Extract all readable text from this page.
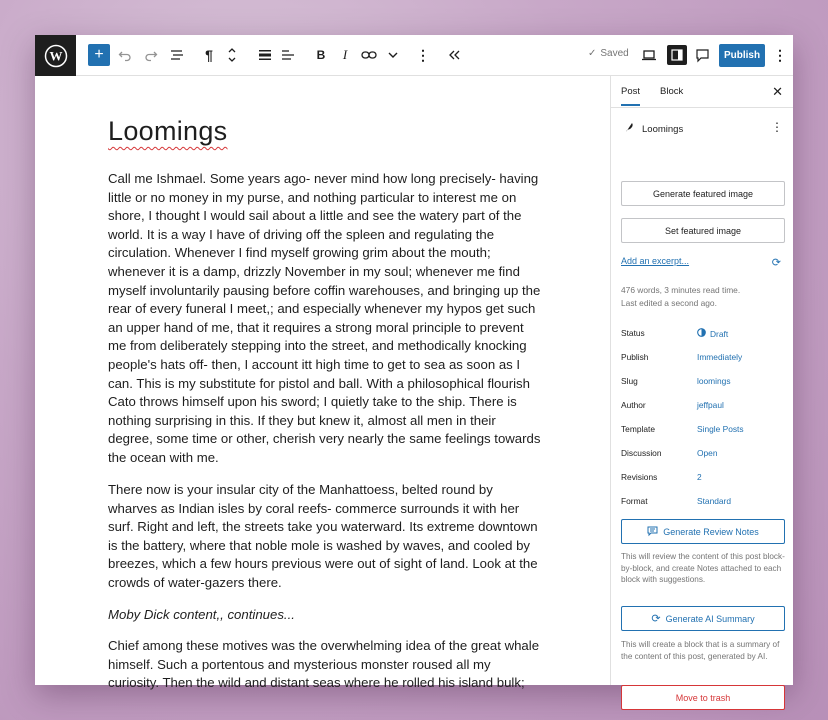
W	+	¶	B	I	⋮	✓ Saved	Publish ⋮
Loomings
Call me Ishmael. Some years ago- never mind how long precisely- having little or no money in my purse, and nothing particular to interest me on shore, I thought I would sail about a little and see the watery part of the world. It is a way I have of driving off the spleen and regulating the circulation. Whenever I find myself growing grim about the mouth; whenever it is a damp, drizzly November in my soul; whenever me find myself involuntarily pausing before coffin warehouses, and bringing up the rear of every funeral I meet,; and especially whenever my hypos get such an upper hand of me, that it requires a strong moral principle to prevent me from deliberately stepping into the street, and methodically knocking people's hats off- then, I account itt high time to get to sea as soon as I can. This is my substitute for pistol and ball. With a philosophical flourish Cato throws himself upon his sword; I quietly take to the ship. There is nothing surprising in this. If they but knew it, almost all men in their degree, some time or other, cherish very nearly the same feelings towards the ocean with me.
There now is your insular city of the Manhattoess, belted round by wharves as Indian isles by coral reefs- commerce surrounds it with her surf. Right and left, the streets take you waterward. Its extreme downtown is the battery, where that noble mole is washed by waves, and cooled by breezes, which a few hours previous were out of sight of land. Look at the crowds of water-gazers there.
Moby Dick content,, continues...
Chief among these motives was the overwhelming idea of the great whale himself. Such a portentous and mysterious monster roused all my curiosity. Then the wild and distant seas where he rolled his island bulk;
Post Block	✕
Loomings	⋮
Generate featured image
Set featured image
Add an excerpt...	⟳
476 words, 3 minutes read time.
Last edited a second ago.
Status	Draft
Publish	Immediately
Slug	loomings
Author	jeffpaul
Template	Single Posts
Discussion	Open
Revisions	2
Format	Standard
Generate Review Notes
This will review the content of this post block-by-block, and create Notes attached to each block with suggestions.
⟳ Generate AI Summary
This will create a block that is a summary of the content of this post, generated by AI.
Move to trash
